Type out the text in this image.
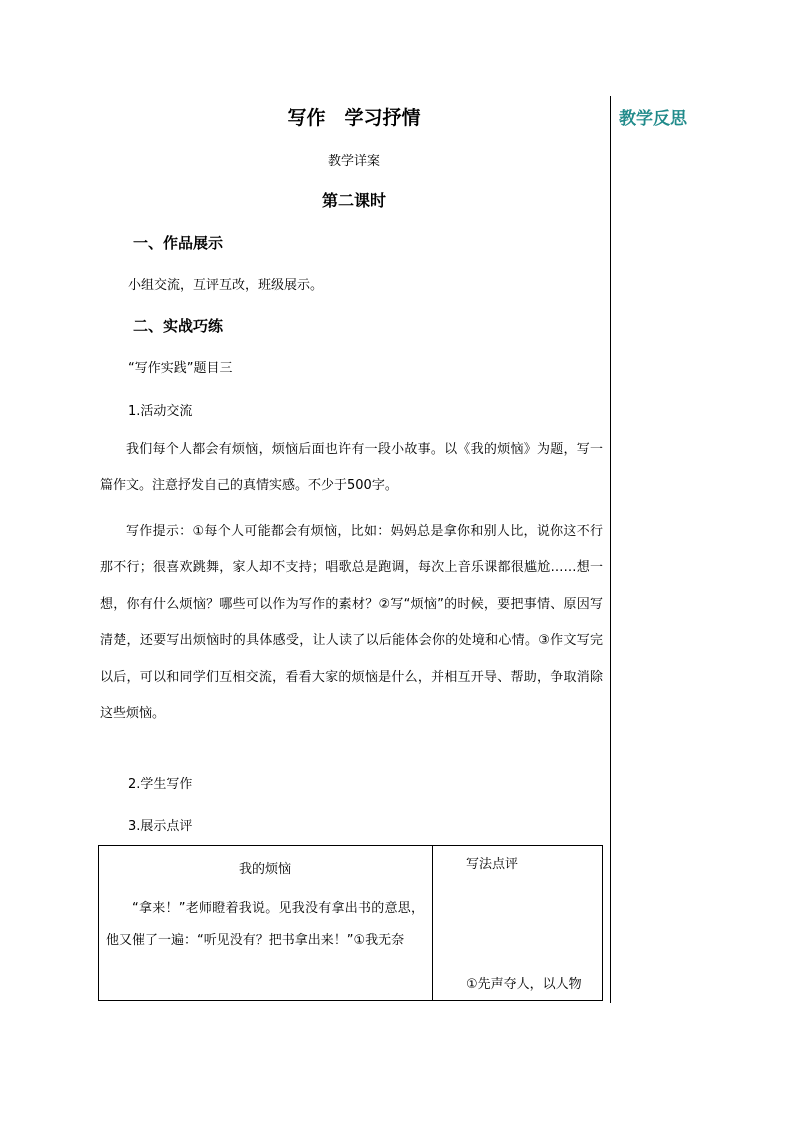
教学反思
写作　学习抒情
教学详案
第二课时
一、作品展示
小组交流，互评互改，班级展示。
二、实战巧练
“写作实践”题目三
1.活动交流

我们每个人都会有烦恼，烦恼后面也许有一段小故事。以《我的烦恼》为题，写一篇作文。注意抒发自己的真情实感。不少于500字。

写作提示：①每个人可能都会有烦恼，比如：妈妈总是拿你和别人比，说你这不行那不行；很喜欢跳舞，家人却不支持；唱歌总是跑调，每次上音乐课都很尴尬……想一想，你有什么烦恼？哪些可以作为写作的素材？②写“烦恼”的时候，要把事情、原因写清楚，还要写出烦恼时的具体感受，让人读了以后能体会你的处境和心情。③作文写完以后，可以和同学们互相交流，看看大家的烦恼是什么，并相互开导、帮助，争取消除这些烦恼。

2.学生写作
3.展示点评
我的烦恼

“拿来！”老师瞪着我说。见我没有拿出书的意思，他又催了一遍：“听见没有？把书拿出来！”①我无奈

写法点评
①先声夺人，以人物
